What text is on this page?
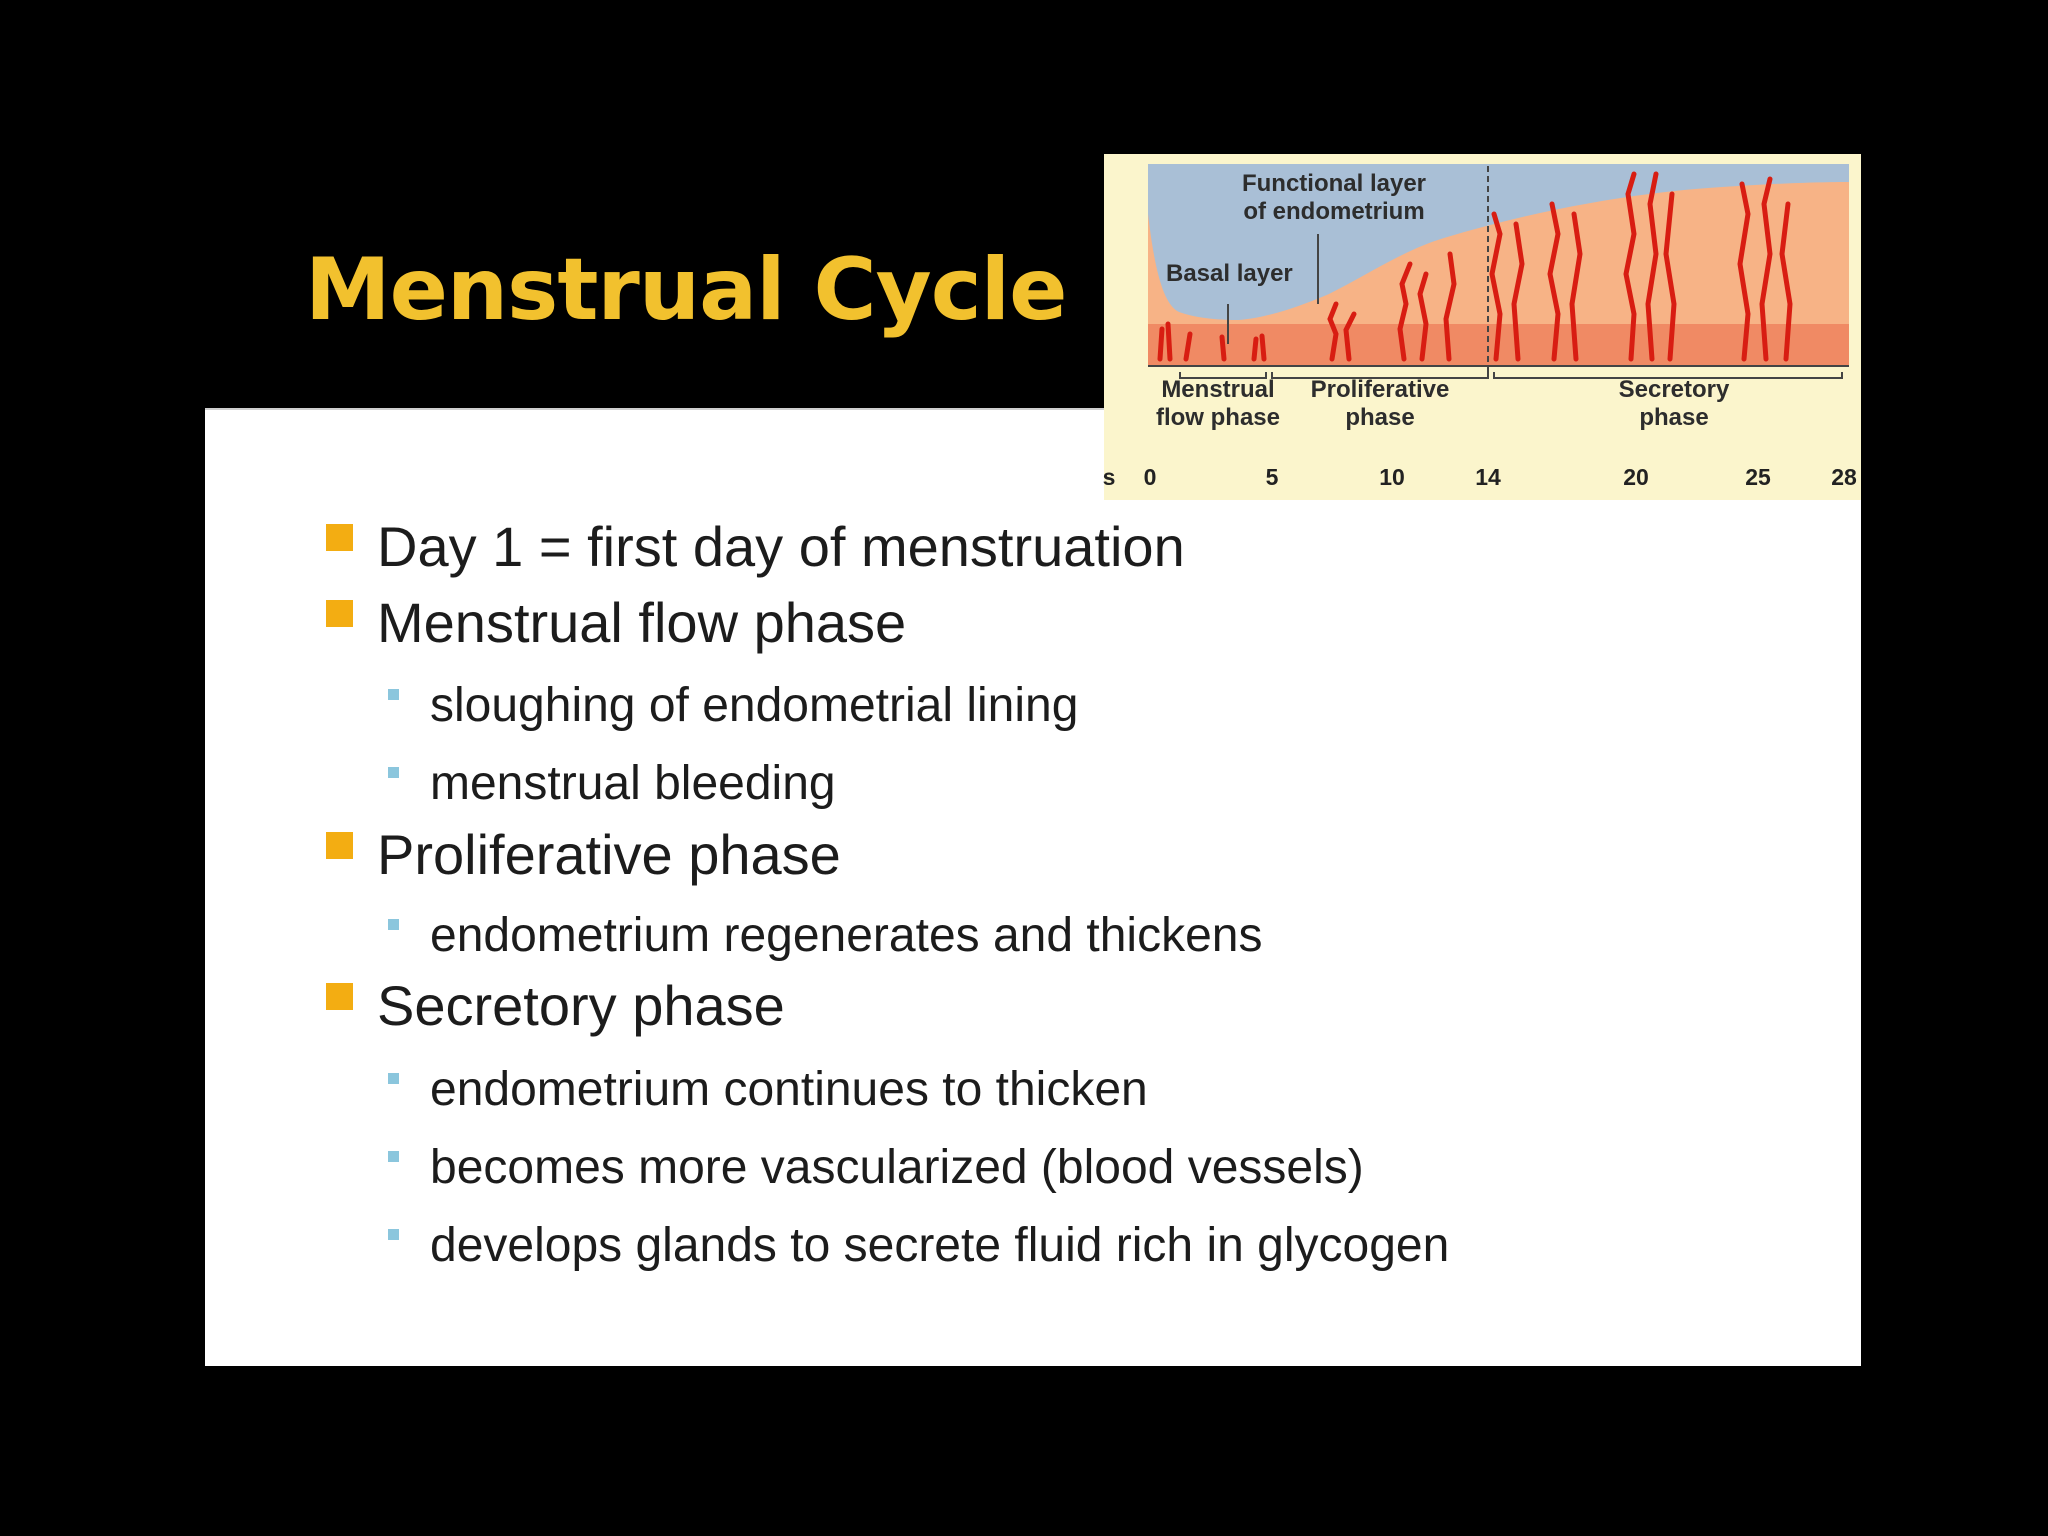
Menstrual Cycle
Day 1 = first day of menstruation
Menstrual flow phase
sloughing of endometrial lining
menstrual bleeding
Proliferative phase
endometrium regenerates and thickens
Secretory phase
endometrium continues to thicken
becomes more vascularized (blood vessels)
develops glands to secrete fluid rich in glycogen
Functional layer
of endometrium
Basal layer
Menstrual
flow phase
Proliferative
phase
Secretory
phase
s 0	5	10	14	20	25	28
